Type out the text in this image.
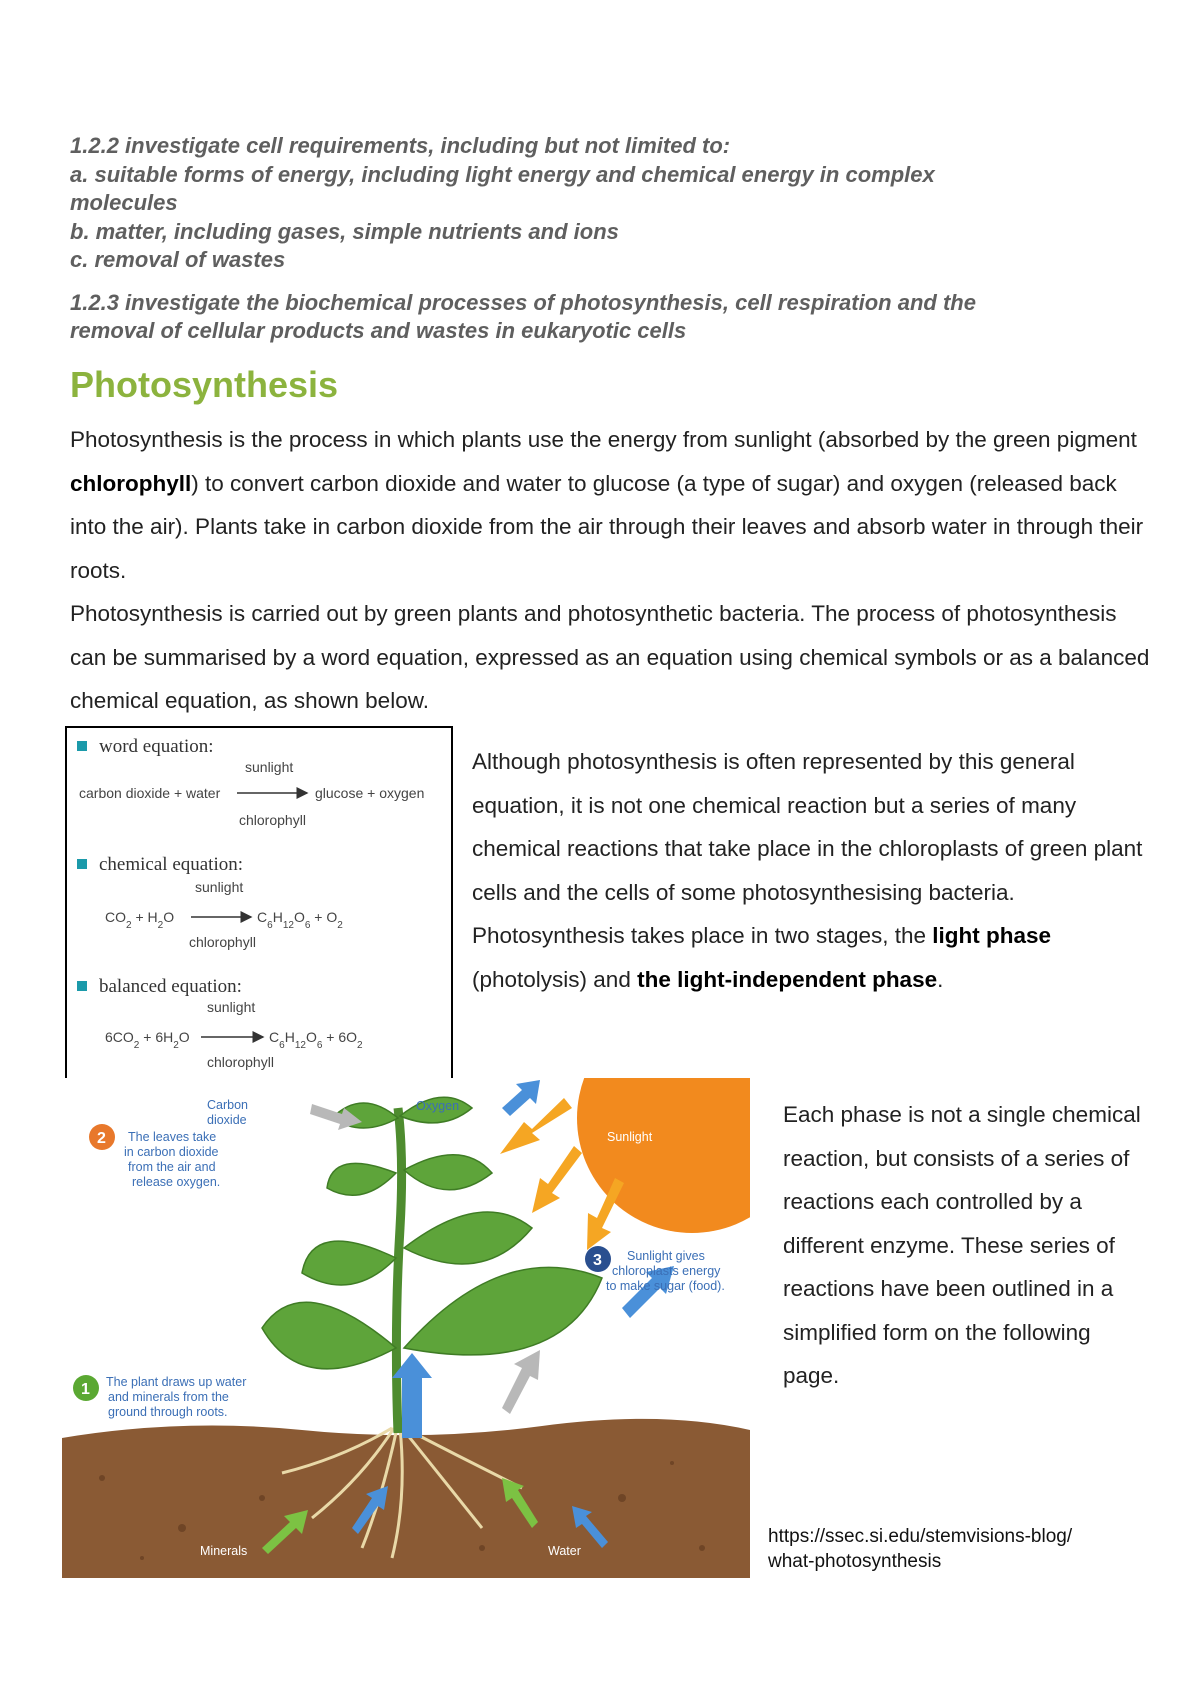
1.2.2 investigate cell requirements, including but not limited to:

a. suitable forms of energy, including light energy and chemical energy in complex

molecules

b. matter, including gases, simple nutrients and ions

c. removal of wastes

1.2.3 investigate the biochemical processes of photosynthesis, cell respiration and the

removal of cellular products and wastes in eukaryotic cells

Photosynthesis

Photosynthesis is the process in which plants use the energy from sunlight (absorbed by the green pigment chlorophyll) to convert carbon dioxide and water to glucose (a type of sugar) and oxygen (released back into the air). Plants take in carbon dioxide from the air through their leaves and absorb water in through their roots.

Photosynthesis is carried out by green plants and photosynthetic bacteria. The process of photosynthesis can be summarised by a word equation, expressed as an equation using chemical symbols or as a balanced chemical equation, as shown below.

word equation:
sunlight
carbon dioxide + water	glucose + oxygen
chlorophyll
chemical equation:
sunlight
$CO_2 + H_2O$	$C_6H_{12}O_6 + O_2$
chlorophyll
balanced equation:
sunlight
$6CO_2 + 6H_2O$	$C_6H_{12}O_6 + 6O_2$
chlorophyll

Although photosynthesis is often represented by this general equation, it is not one chemical reaction but a series of many chemical reactions that take place in the chloroplasts of green plant cells and the cells of some photosynthesising bacteria.

Photosynthesis takes place in two stages, the light phase (photolysis) and the light-independent phase.

Sunlight
Carbon
dioxide
Oxygen
2 The leaves take
in carbon dioxide
from the air and
release oxygen.
3 Sunlight gives
chloroplasts energy
to make sugar (food).
1 The plant draws up water
and minerals from the
ground through roots.
Minerals	Water

Each phase is not a single chemical reaction, but consists of a series of reactions each controlled by a different enzyme. These series of reactions have been outlined in a simplified form on the following page.

https://ssec.si.edu/stemvisions-blog/
what-photosynthesis
